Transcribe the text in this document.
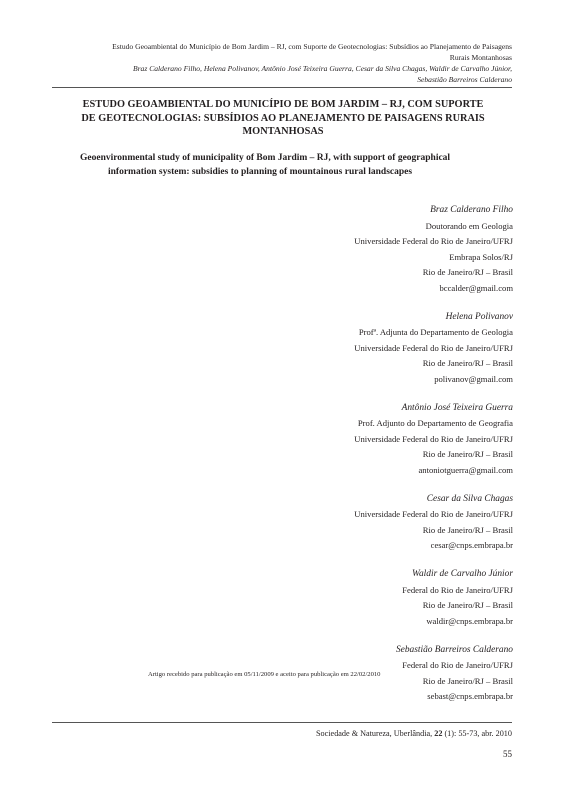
Estudo Geoambiental do Município de Bom Jardim – RJ, com Suporte de Geotecnologias: Subsídios ao Planejamento de Paisagens
Rurais Montanhosas
Braz Calderano Filho, Helena Polivanov, Antônio José Teixeira Guerra, Cesar da Silva Chagas, Waldir de Carvalho Júnior,
Sebastião Barreiros Calderano
ESTUDO GEOAMBIENTAL DO MUNICÍPIO DE BOM JARDIM – RJ, COM SUPORTE
DE GEOTECNOLOGIAS: SUBSÍDIOS AO PLANEJAMENTO DE PAISAGENS RURAIS
MONTANHOSAS
Geoenvironmental study of municipality of Bom Jardim – RJ, with support of geographical
information system: subsidies to planning of mountainous rural landscapes
Braz Calderano Filho
Doutorando em Geologia
Universidade Federal do Rio de Janeiro/UFRJ
Embrapa Solos/RJ
Rio de Janeiro/RJ – Brasil
bccalder@gmail.com
Helena Polivanov
Profª. Adjunta do Departamento de Geologia
Universidade Federal do Rio de Janeiro/UFRJ
Rio de Janeiro/RJ – Brasil
polivanov@gmail.com
Antônio José Teixeira Guerra
Prof. Adjunto do Departamento de Geografia
Universidade Federal do Rio de Janeiro/UFRJ
Rio de Janeiro/RJ – Brasil
antoniotguerra@gmail.com
Cesar da Silva Chagas
Universidade Federal do Rio de Janeiro/UFRJ
Rio de Janeiro/RJ – Brasil
cesar@cnps.embrapa.br
Waldir de Carvalho Júnior
Federal do Rio de Janeiro/UFRJ
Rio de Janeiro/RJ – Brasil
waldir@cnps.embrapa.br
Sebastião Barreiros Calderano
Federal do Rio de Janeiro/UFRJ
Rio de Janeiro/RJ – Brasil
sebast@cnps.embrapa.br
Artigo recebido para publicação em 05/11/2009 e aceito para publicação em 22/02/2010
Sociedade & Natureza, Uberlândia, 22 (1): 55-73, abr. 2010
55
